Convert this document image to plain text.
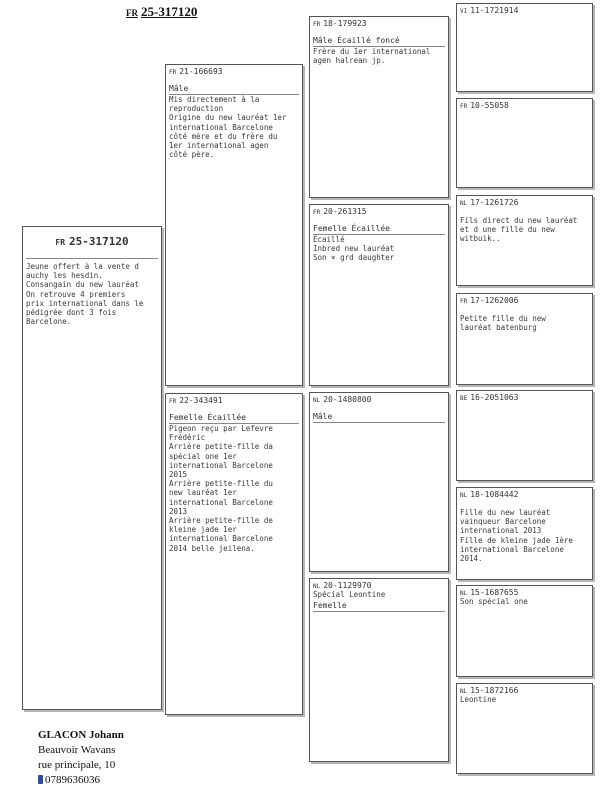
FR 25-317120
FR 25-317120
Jeune offert à la vente d
auchy les hesdin.
Consangain du new lauréat
On retrouve 4 premiers
prix international dans le
pédigrée dont 3 fois
Barcelone.
FR 21-166693
Mâle
Mis directement à la
reproduction
Origine du new lauréat 1er
international Barcelone
côté mère et du frère du
1er international agen
côté père.
FR 22-343491
Femelle Écaillée
Pigeon reçu par Lefevre
Frédéric
Arrière petite-fille da
spécial one 1er
international Barcelone
2015
Arrière petite-fille du
new lauréat 1er
international Barcelone
2013
Arrière petite-fille de
kleine jade 1er
international Barcelone
2014 belle jeilena.
FR 18-179923
Mâle Écaillé foncé
Frère du 1er international
agen halrean jp.
FR 20-261315
Femelle Écaillée
Écaillé
Inbred new lauréat
Son × grd daughter
NL 20-1480800
Mâle
NL 20-1129970
Spécial Leontine
Femelle
VI 11-1721914
FR 10-55058
NL 17-1261726
Fils direct du new lauréat
et d une fille du new
witbuik..
FR 17-1262006
Petite fille du new
lauréat batenburg
BE 16-2051063
NL 18-1084442
Fille du new lauréat
vainqueur Barcelone
international 2013
Fille de kleine jade 1ère
international Barcelone
2014.
NL 15-1687655
Son spécial one
NL 15-1872166
Leontine
GLACON Johann
Beauvoir Wavans
rue principale, 10
0789636036
